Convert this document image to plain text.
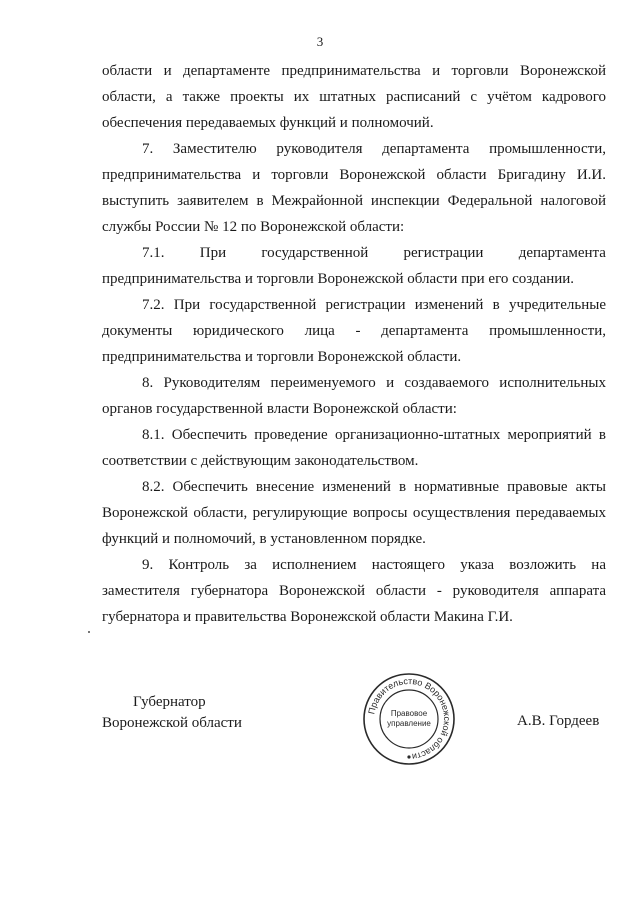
3

области и департаменте предпринимательства и торговли Воронежской области, а также проекты их штатных расписаний с учётом кадрового обеспечения передаваемых функций и полномочий.

7. Заместителю руководителя департамента промышленности, предпринимательства и торговли Воронежской области Бригадину И.И. выступить заявителем в Межрайонной инспекции Федеральной налоговой службы России № 12 по Воронежской области:

7.1. При государственной регистрации департамента

предпринимательства и торговли Воронежской области при его создании.

7.2. При государственной регистрации изменений в учредительные документы юридического лица - департамента промышленности, предпринимательства и торговли Воронежской области.

8. Руководителям переименуемого и создаваемого исполнительных органов государственной власти Воронежской области:

8.1. Обеспечить проведение организационно-штатных мероприятий в соответствии с действующим законодательством.

8.2. Обеспечить внесение изменений в нормативные правовые акты Воронежской области, регулирующие вопросы осуществления передаваемых функций и полномочий, в установленном порядке.

9. Контроль за исполнением настоящего указа возложить на заместителя губернатора Воронежской области - руководителя аппарата губернатора и правительства Воронежской области Макина Г.И.

Губернатор
Воронежской области
Правительство Воронежской области
Правовое
управление	А.В. Гордеев
